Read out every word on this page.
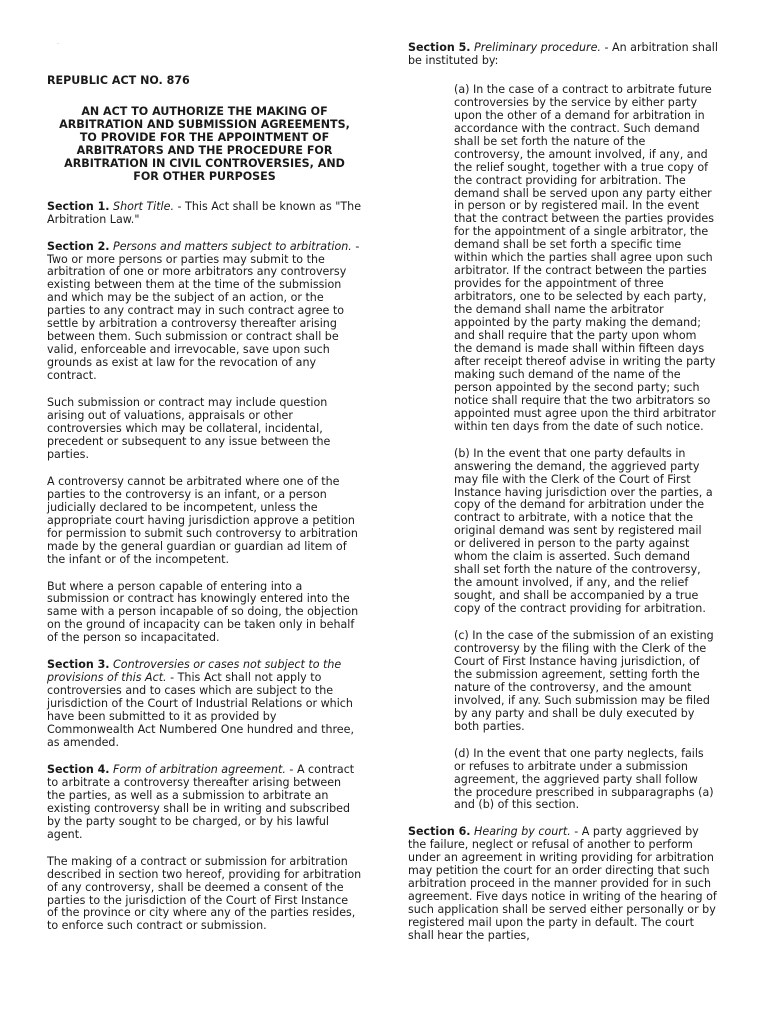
.

REPUBLIC ACT NO. 876

AN ACT TO AUTHORIZE THE MAKING OF ARBITRATION AND SUBMISSION AGREEMENTS, TO PROVIDE FOR THE APPOINTMENT OF ARBITRATORS AND THE PROCEDURE FOR ARBITRATION IN CIVIL CONTROVERSIES, AND FOR OTHER PURPOSES

Section 1. Short Title. - This Act shall be known as "The Arbitration Law."

Section 2. Persons and matters subject to arbitration. - Two or more persons or parties may submit to the arbitration of one or more arbitrators any controversy existing between them at the time of the submission and which may be the subject of an action, or the parties to any contract may in such contract agree to settle by arbitration a controversy thereafter arising between them. Such submission or contract shall be valid, enforceable and irrevocable, save upon such grounds as exist at law for the revocation of any contract.

Such submission or contract may include question arising out of valuations, appraisals or other controversies which may be collateral, incidental, precedent or subsequent to any issue between the parties.

A controversy cannot be arbitrated where one of the parties to the controversy is an infant, or a person judicially declared to be incompetent, unless the appropriate court having jurisdiction approve a petition for permission to submit such controversy to arbitration made by the general guardian or guardian ad litem of the infant or of the incompetent.

But where a person capable of entering into a submission or contract has knowingly entered into the same with a person incapable of so doing, the objection on the ground of incapacity can be taken only in behalf of the person so incapacitated.

Section 3. Controversies or cases not subject to the provisions of this Act. - This Act shall not apply to controversies and to cases which are subject to the jurisdiction of the Court of Industrial Relations or which have been submitted to it as provided by Commonwealth Act Numbered One hundred and three, as amended.

Section 4. Form of arbitration agreement. - A contract to arbitrate a controversy thereafter arising between the parties, as well as a submission to arbitrate an existing controversy shall be in writing and subscribed by the party sought to be charged, or by his lawful agent.

The making of a contract or submission for arbitration described in section two hereof, providing for arbitration of any controversy, shall be deemed a consent of the parties to the jurisdiction of the Court of First Instance of the province or city where any of the parties resides, to enforce such contract or submission.

Section 5. Preliminary procedure. - An arbitration shall be instituted by:

(a) In the case of a contract to arbitrate future controversies by the service by either party upon the other of a demand for arbitration in accordance with the contract. Such demand shall be set forth the nature of the controversy, the amount involved, if any, and the relief sought, together with a true copy of the contract providing for arbitration. The demand shall be served upon any party either in person or by registered mail. In the event that the contract between the parties provides for the appointment of a single arbitrator, the demand shall be set forth a specific time within which the parties shall agree upon such arbitrator. If the contract between the parties provides for the appointment of three arbitrators, one to be selected by each party, the demand shall name the arbitrator appointed by the party making the demand; and shall require that the party upon whom the demand is made shall within fifteen days after receipt thereof advise in writing the party making such demand of the name of the person appointed by the second party; such notice shall require that the two arbitrators so appointed must agree upon the third arbitrator within ten days from the date of such notice.

(b) In the event that one party defaults in answering the demand, the aggrieved party may file with the Clerk of the Court of First Instance having jurisdiction over the parties, a copy of the demand for arbitration under the contract to arbitrate, with a notice that the original demand was sent by registered mail or delivered in person to the party against whom the claim is asserted. Such demand shall set forth the nature of the controversy, the amount involved, if any, and the relief sought, and shall be accompanied by a true copy of the contract providing for arbitration.

(c) In the case of the submission of an existing controversy by the filing with the Clerk of the Court of First Instance having jurisdiction, of the submission agreement, setting forth the nature of the controversy, and the amount involved, if any. Such submission may be filed by any party and shall be duly executed by both parties.

(d) In the event that one party neglects, fails or refuses to arbitrate under a submission agreement, the aggrieved party shall follow the procedure prescribed in subparagraphs (a) and (b) of this section.

Section 6. Hearing by court. - A party aggrieved by the failure, neglect or refusal of another to perform under an agreement in writing providing for arbitration may petition the court for an order directing that such arbitration proceed in the manner provided for in such agreement. Five days notice in writing of the hearing of such application shall be served either personally or by registered mail upon the party in default. The court shall hear the parties,
